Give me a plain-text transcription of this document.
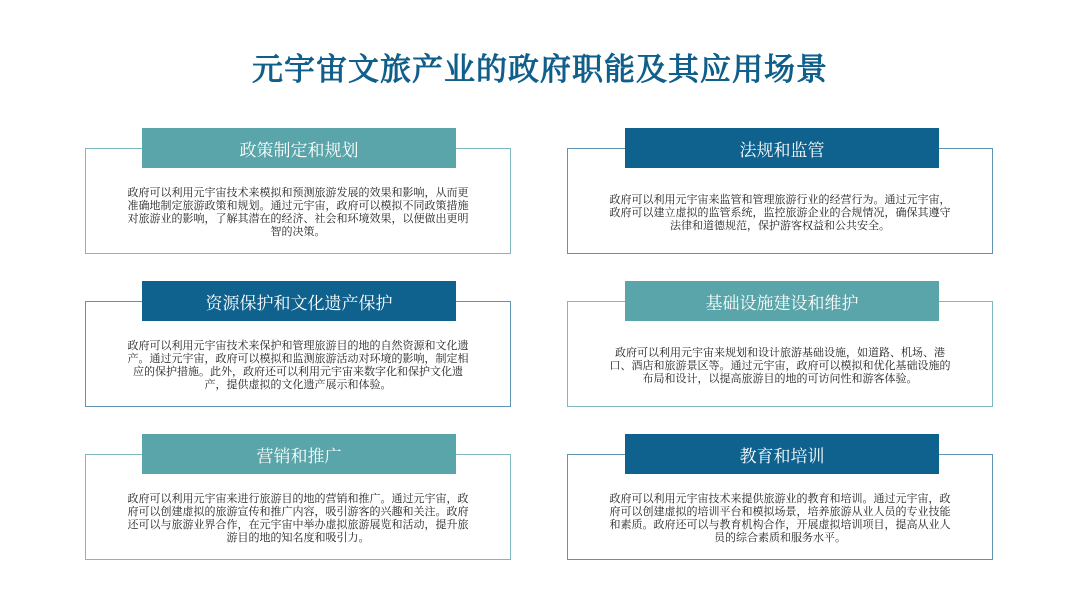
元宇宙文旅产业的政府职能及其应用场景
政府可以利用元宇宙技术来模拟和预测旅游发展的效果和影响，从而更准确地制定旅游政策和规划。通过元宇宙，政府可以模拟不同政策措施对旅游业的影响，了解其潜在的经济、社会和环境效果，以便做出更明智的决策。
政策制定和规划
政府可以利用元宇宙来监管和管理旅游行业的经营行为。通过元宇宙，政府可以建立虚拟的监管系统，监控旅游企业的合规情况，确保其遵守法律和道德规范，保护游客权益和公共安全。
法规和监管
政府可以利用元宇宙技术来保护和管理旅游目的地的自然资源和文化遗产。通过元宇宙，政府可以模拟和监测旅游活动对环境的影响，制定相应的保护措施。此外，政府还可以利用元宇宙来数字化和保护文化遗产，提供虚拟的文化遗产展示和体验。
资源保护和文化遗产保护
政府可以利用元宇宙来规划和设计旅游基础设施，如道路、机场、港口、酒店和旅游景区等。通过元宇宙，政府可以模拟和优化基础设施的布局和设计，以提高旅游目的地的可访问性和游客体验。
基础设施建设和维护
政府可以利用元宇宙来进行旅游目的地的营销和推广。通过元宇宙，政府可以创建虚拟的旅游宣传和推广内容，吸引游客的兴趣和关注。政府还可以与旅游业界合作，在元宇宙中举办虚拟旅游展览和活动，提升旅游目的地的知名度和吸引力。
营销和推广
政府可以利用元宇宙技术来提供旅游业的教育和培训。通过元宇宙，政府可以创建虚拟的培训平台和模拟场景，培养旅游从业人员的专业技能和素质。政府还可以与教育机构合作，开展虚拟培训项目，提高从业人员的综合素质和服务水平。
教育和培训
